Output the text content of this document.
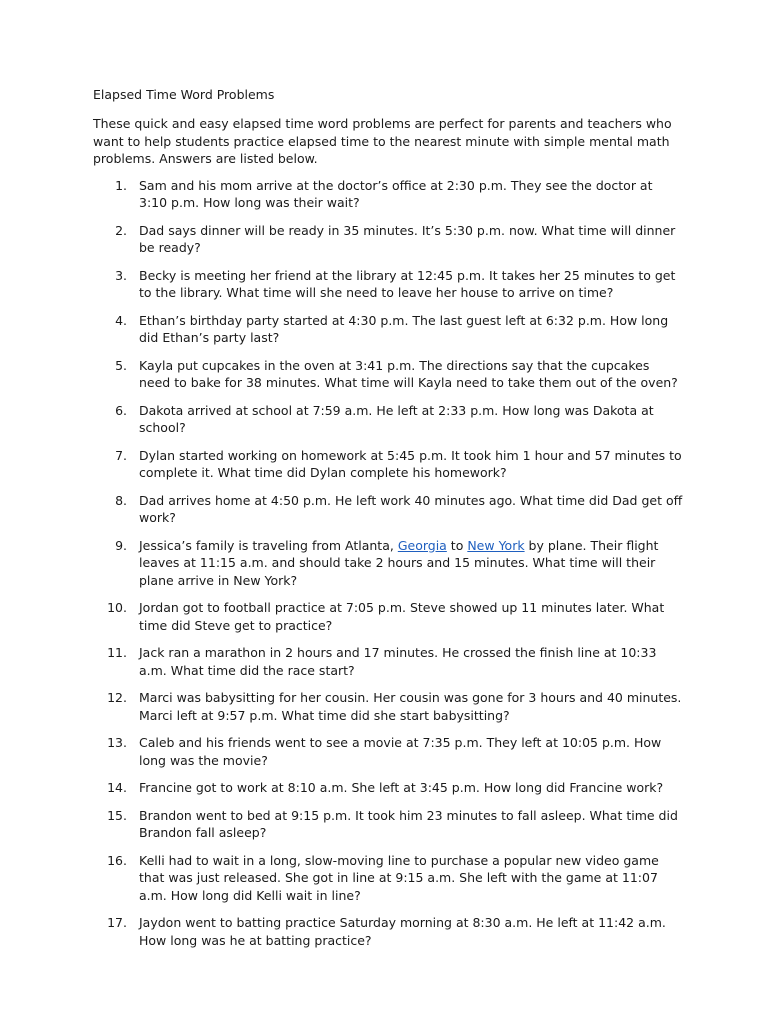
Elapsed Time Word Problems

These quick and easy elapsed time word problems are perfect for parents and teachers who want to help students practice elapsed time to the nearest minute with simple mental math problems. Answers are listed below.

1. Sam and his mom arrive at the doctor’s office at 2:30 p.m. They see the doctor at 3:10 p.m. How long was their wait?
2. Dad says dinner will be ready in 35 minutes. It’s 5:30 p.m. now. What time will dinner be ready?
3. Becky is meeting her friend at the library at 12:45 p.m. It takes her 25 minutes to get to the library. What time will she need to leave her house to arrive on time?
4. Ethan’s birthday party started at 4:30 p.m. The last guest left at 6:32 p.m. How long did Ethan’s party last?
5. Kayla put cupcakes in the oven at 3:41 p.m. The directions say that the cupcakes need to bake for 38 minutes. What time will Kayla need to take them out of the oven?
6. Dakota arrived at school at 7:59 a.m. He left at 2:33 p.m. How long was Dakota at school?
7. Dylan started working on homework at 5:45 p.m. It took him 1 hour and 57 minutes to complete it. What time did Dylan complete his homework?
8. Dad arrives home at 4:50 p.m. He left work 40 minutes ago. What time did Dad get off work?
9. Jessica’s family is traveling from Atlanta, Georgia to New York by plane. Their flight leaves at 11:15 a.m. and should take 2 hours and 15 minutes. What time will their plane arrive in New York?
10. Jordan got to football practice at 7:05 p.m. Steve showed up 11 minutes later. What time did Steve get to practice?
11. Jack ran a marathon in 2 hours and 17 minutes. He crossed the finish line at 10:33 a.m. What time did the race start?
12. Marci was babysitting for her cousin. Her cousin was gone for 3 hours and 40 minutes. Marci left at 9:57 p.m. What time did she start babysitting?
13. Caleb and his friends went to see a movie at 7:35 p.m. They left at 10:05 p.m. How long was the movie?
14. Francine got to work at 8:10 a.m. She left at 3:45 p.m. How long did Francine work?
15. Brandon went to bed at 9:15 p.m. It took him 23 minutes to fall asleep. What time did Brandon fall asleep?
16. Kelli had to wait in a long, slow-moving line to purchase a popular new video game that was just released. She got in line at 9:15 a.m. She left with the game at 11:07 a.m. How long did Kelli wait in line?
17. Jaydon went to batting practice Saturday morning at 8:30 a.m. He left at 11:42 a.m. How long was he at batting practice?
